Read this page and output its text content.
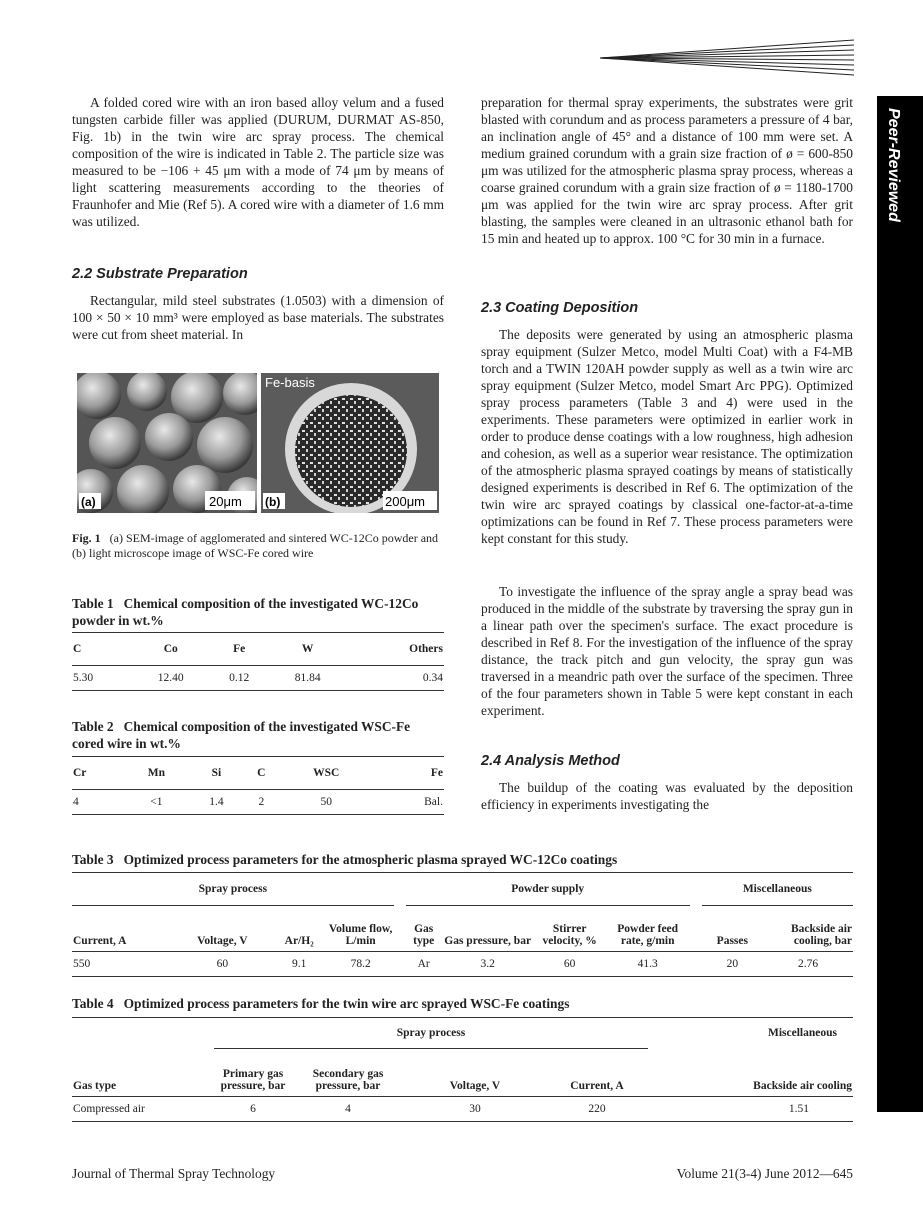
Peer-Reviewed

A folded cored wire with an iron based alloy velum and a fused tungsten carbide filler was applied (DURUM, DURMAT AS-850, Fig. 1b) in the twin wire arc spray process. The chemical composition of the wire is indicated in Table 2. The particle size was measured to be −106 + 45 μm with a mode of 74 μm by means of light scattering measurements according to the theories of Fraunhofer and Mie (Ref 5). A cored wire with a diameter of 1.6 mm was utilized.

2.2 Substrate Preparation

Rectangular, mild steel substrates (1.0503) with a dimension of 100 × 50 × 10 mm³ were employed as base materials. The substrates were cut from sheet material. In

(a)	20μm
Fe-basis
(b)	200μm

Fig. 1 (a) SEM-image of agglomerated and sintered WC-12Co powder and (b) light microscope image of WSC-Fe cored wire

Table 1 Chemical composition of the investigated WC-12Co powder in wt.%
C	Co	Fe	W	Others
5.30	12.40	0.12	81.84	0.34
Table 2 Chemical composition of the investigated WSC-Fe cored wire in wt.%
Cr	Mn	Si	C	WSC	Fe
4	<1	1.4	2	50	Bal.

preparation for thermal spray experiments, the substrates were grit blasted with corundum and as process parameters a pressure of 4 bar, an inclination angle of 45° and a distance of 100 mm were set. A medium grained corundum with a grain size fraction of ø = 600-850 μm was utilized for the atmospheric plasma spray process, whereas a coarse grained corundum with a grain size fraction of ø = 1180-1700 μm was applied for the twin wire arc spray process. After grit blasting, the samples were cleaned in an ultrasonic ethanol bath for 15 min and heated up to approx. 100 °C for 30 min in a furnace.

2.3 Coating Deposition

The deposits were generated by using an atmospheric plasma spray equipment (Sulzer Metco, model Multi Coat) with a F4-MB torch and a TWIN 120AH powder supply as well as a twin wire arc spray equipment (Sulzer Metco, model Smart Arc PPG). Optimized spray process parameters (Table 3 and 4) were used in the experiments. These parameters were optimized in earlier work in order to produce dense coatings with a low roughness, high adhesion and cohesion, as well as a superior wear resistance. The optimization of the atmospheric plasma sprayed coatings by means of statistically designed experiments is described in Ref 6. The optimization of the twin wire arc sprayed coatings by classical one-factor-at-a-time optimizations can be found in Ref 7. These process parameters were kept constant for this study.

To investigate the influence of the spray angle a spray bead was produced in the middle of the substrate by traversing the spray gun in a linear path over the specimen's surface. The exact procedure is described in Ref 8. For the investigation of the influence of the spray distance, the track pitch and gun velocity, the spray gun was traversed in a meandric path over the surface of the specimen. Three of the four parameters shown in Table 5 were kept constant in each experiment.

2.4 Analysis Method

The buildup of the coating was evaluated by the deposition efficiency in experiments investigating the

Table 3 Optimized process parameters for the atmospheric plasma sprayed WC-12Co coatings
Spray process					Powder supply					Miscellaneous	
Current, A	Voltage, V	Ar/H₂	Volume flow, L/min		Gas type	Gas pressure, bar	Stirrer velocity, %	Powder feed rate, g/min		Passes	Backside air cooling, bar
550	60	9.1	78.2		Ar	3.2	60	41.3		20	2.76
Table 4 Optimized process parameters for the twin wire arc sprayed WSC-Fe coatings
	Spray process					Miscellaneous
Gas type	Primary gas pressure, bar	Secondary gas pressure, bar	Voltage, V	Current, A		Backside air cooling
Compressed air	6	4	30	220		1.51
Journal of Thermal Spray Technology	Volume 21(3-4) June 2012—645
